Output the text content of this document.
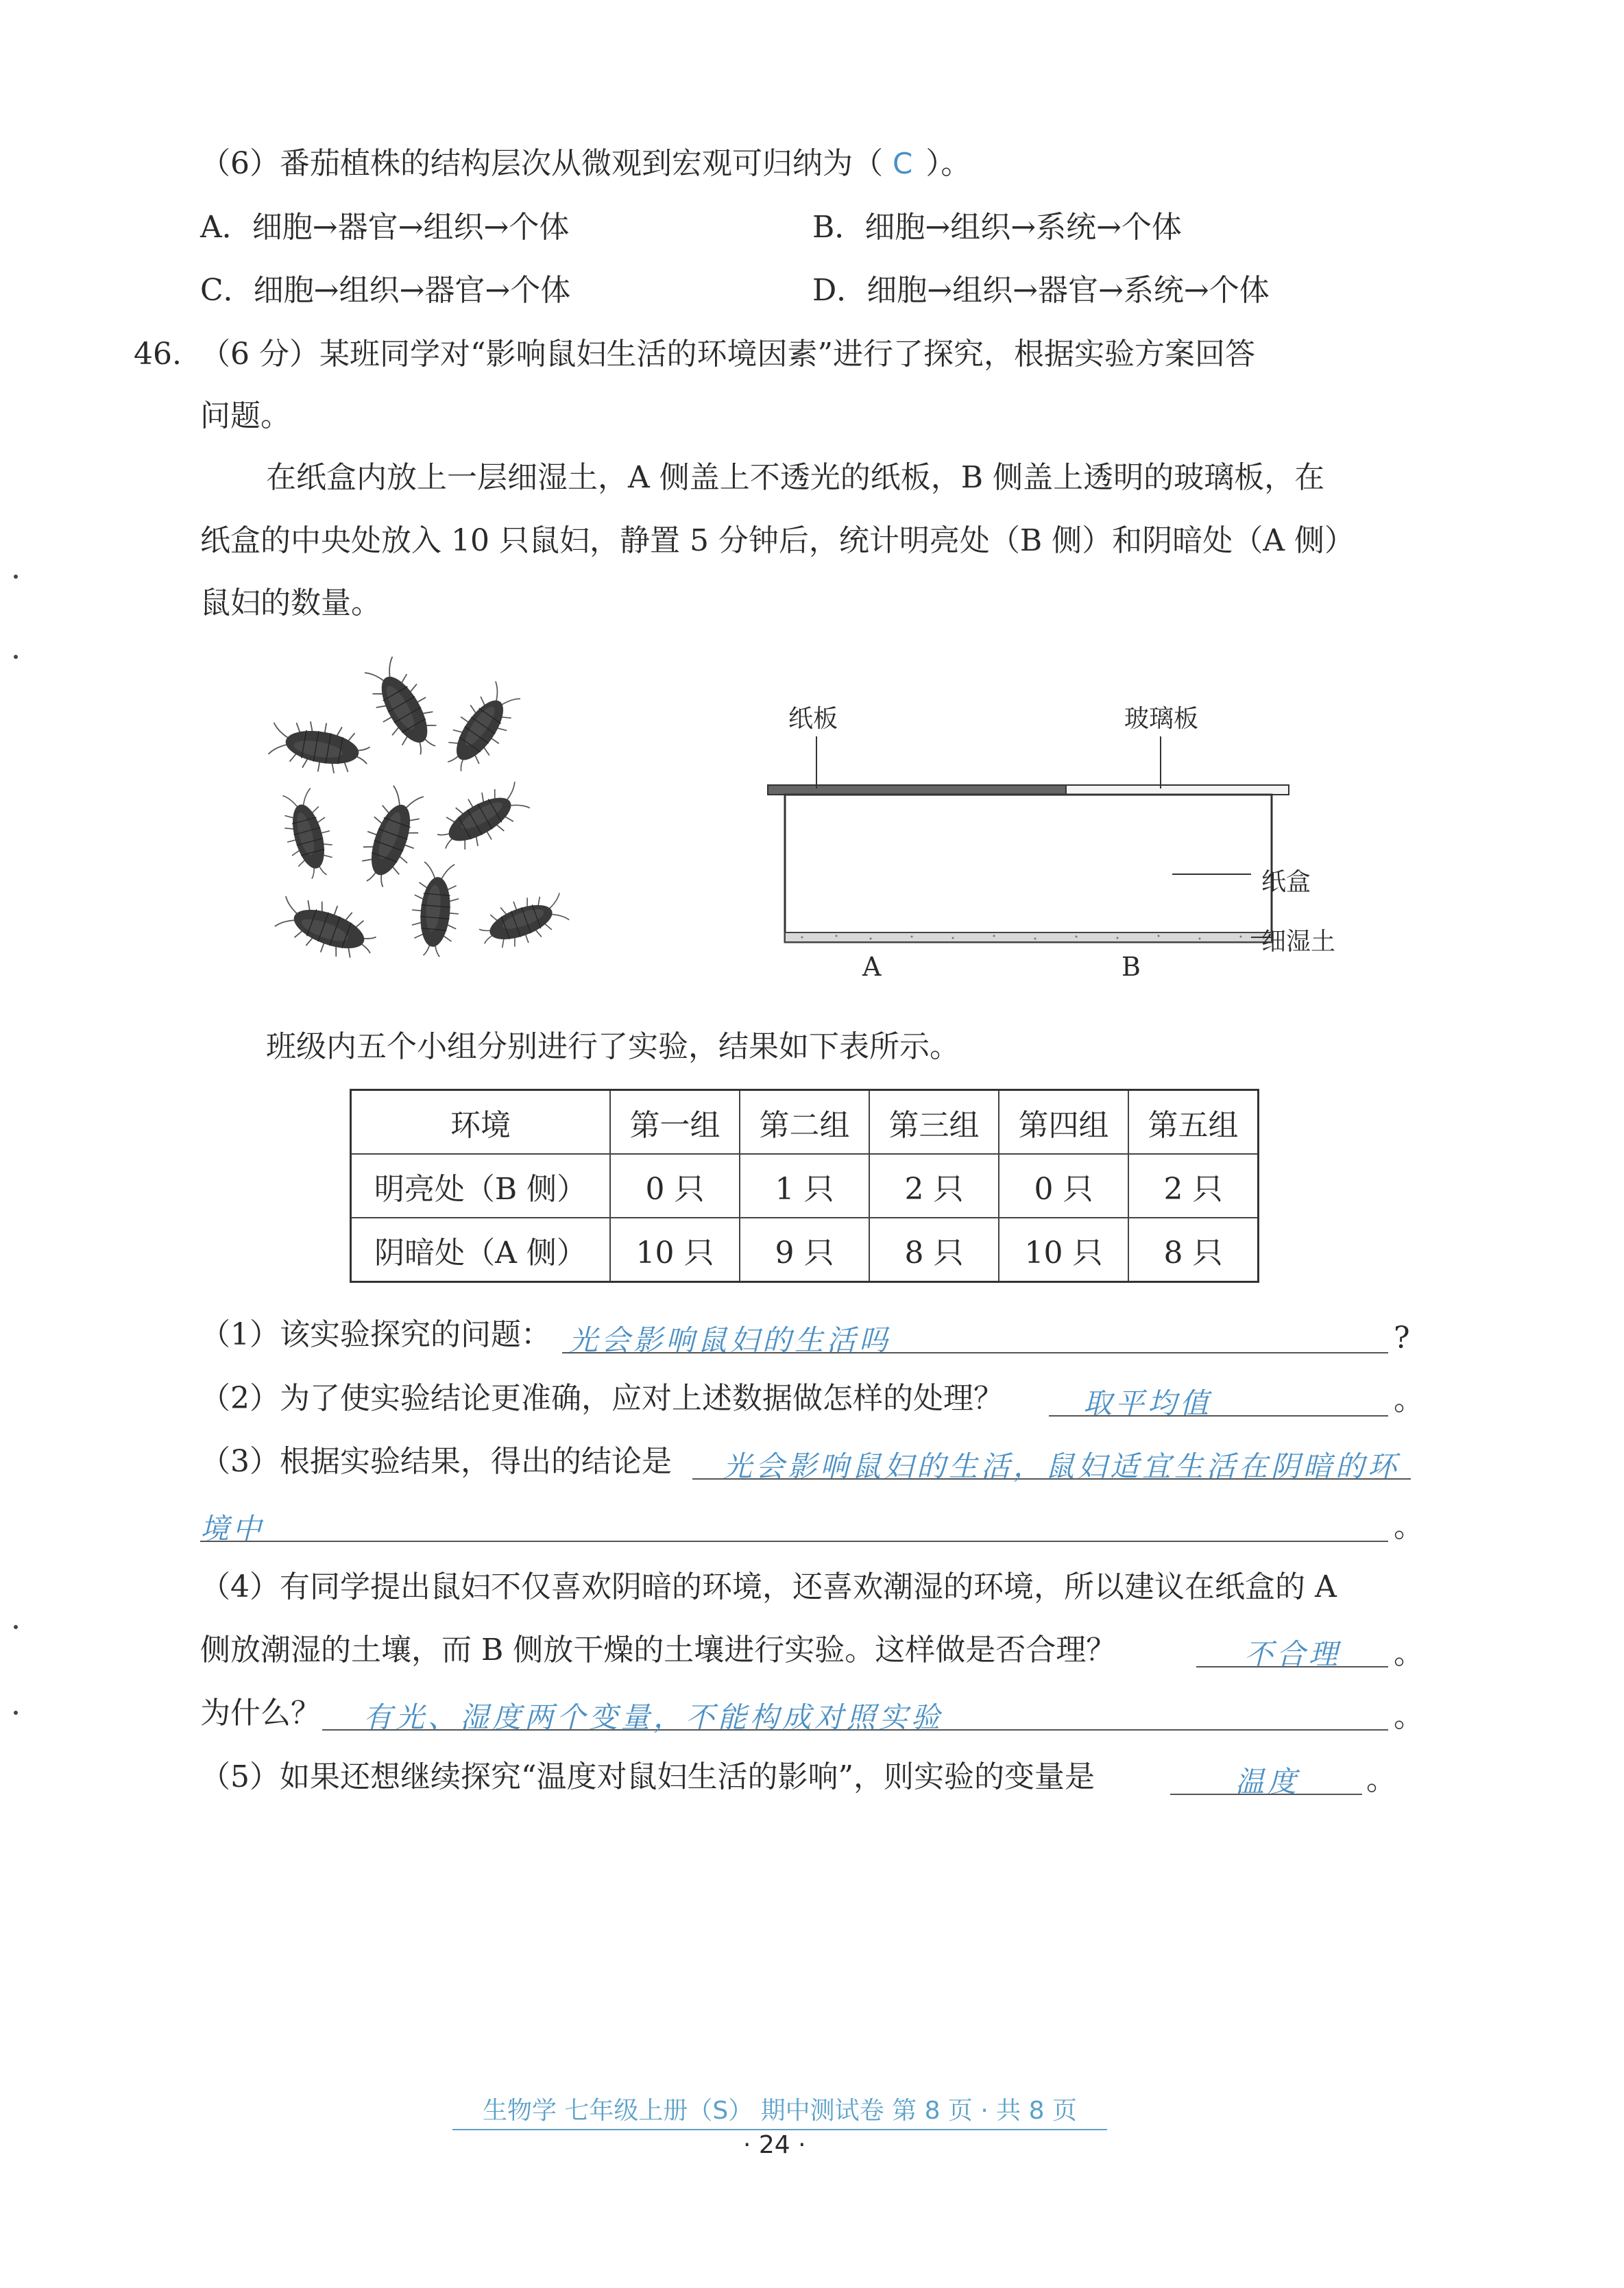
（6）番茄植株的结构层次从微观到宏观可归纳为（ C ）。
A．细胞→器官→组织→个体	B．细胞→组织→系统→个体
C．细胞→组织→器官→个体	D．细胞→组织→器官→系统→个体
46. （6 分）某班同学对“影响鼠妇生活的环境因素”进行了探究，根据实验方案回答
问题。
在纸盒内放上一层细湿土，A 侧盖上不透光的纸板，B 侧盖上透明的玻璃板，在
纸盒的中央处放入 10 只鼠妇，静置 5 分钟后，统计明亮处（B 侧）和阴暗处（A 侧）
鼠妇的数量。
纸板	玻璃板
纸盒
细湿土
A	B
班级内五个小组分别进行了实验，结果如下表所示。
环境	第一组	第二组	第三组	第四组	第五组
明亮处（B 侧）	0 只	1 只	2 只	0 只	2 只
阴暗处（A 侧）	10 只	9 只	8 只	10 只	8 只
（1）该实验探究的问题： 光会影响鼠妇的生活吗	?
（2）为了使实验结论更准确，应对上述数据做怎样的处理？	取平均值	。
（3）根据实验结果，得出的结论是 光会影响鼠妇的生活，鼠妇适宜生活在阴暗的环
境中	。
（4）有同学提出鼠妇不仅喜欢阴暗的环境，还喜欢潮湿的环境，所以建议在纸盒的 A
侧放潮湿的土壤，而 B 侧放干燥的土壤进行实验。这样做是否合理？	不合理 。
为什么？ 有光、湿度两个变量，不能构成对照实验	。
（5）如果还想继续探究“温度对鼠妇生活的影响”，则实验的变量是	温度 。
生物学 七年级上册（S） 期中测试卷 第 8 页 · 共 8 页
· 24 ·
